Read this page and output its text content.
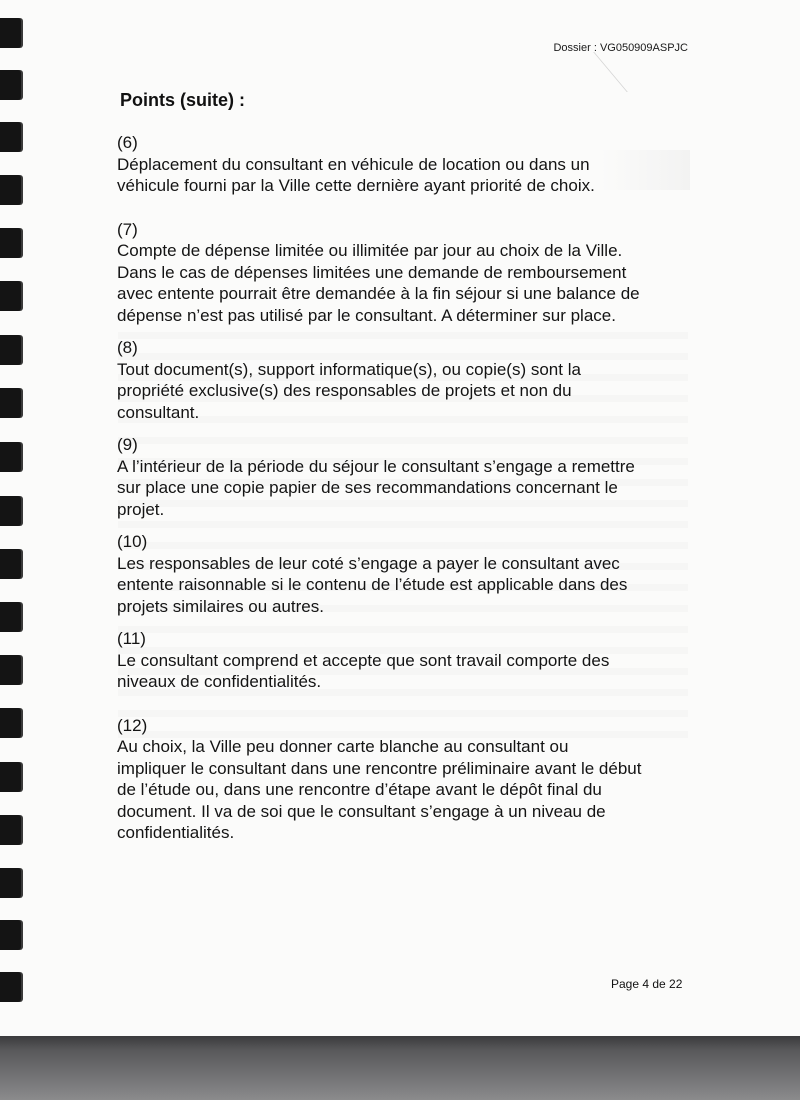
Dossier : VG050909ASPJC
Points (suite) :
(6)
Déplacement du consultant en véhicule de location ou dans un
véhicule fourni par la Ville cette dernière ayant priorité de choix.
(7)
Compte de dépense limitée ou illimitée par jour au choix de la Ville.
Dans le cas de dépenses limitées une demande de remboursement
avec entente pourrait être demandée à la fin séjour si une balance de
dépense n’est pas utilisé par le consultant. A déterminer sur place.
(8)
Tout document(s), support informatique(s), ou copie(s) sont la
propriété exclusive(s) des responsables de projets et non du
consultant.
(9)
A l’intérieur de la période du séjour le consultant s’engage a remettre
sur place une copie papier de ses recommandations concernant le
projet.
(10)
Les responsables de leur coté s’engage a payer le consultant avec
entente raisonnable si le contenu de l’étude est applicable dans des
projets similaires ou autres.
(11)
Le consultant comprend et accepte que sont travail comporte des
niveaux de confidentialités.
(12)
Au choix, la Ville peu donner carte blanche au consultant ou
impliquer le consultant dans une rencontre préliminaire avant le début
de l’étude ou, dans une rencontre d’étape avant le dépôt final du
document. Il va de soi que le consultant s’engage à un niveau de
confidentialités.
Page 4 de 22
